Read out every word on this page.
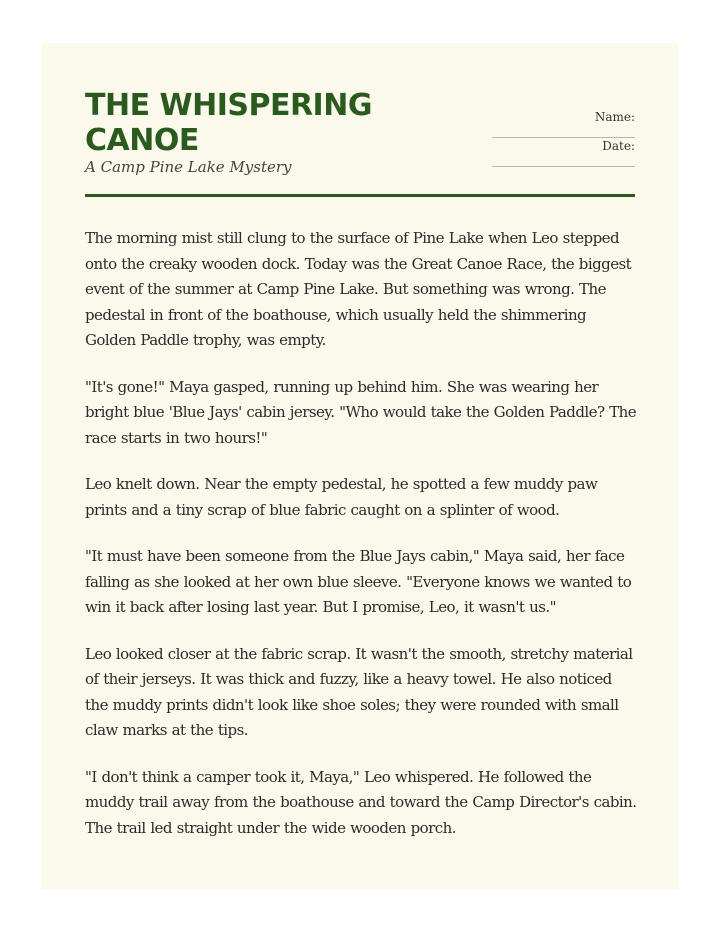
THE WHISPERING CANOE
A Camp Pine Lake Mystery
Name:
____________________________
Date:
____________________________

The morning mist still clung to the surface of Pine Lake when Leo stepped onto the creaky wooden dock. Today was the Great Canoe Race, the biggest event of the summer at Camp Pine Lake. But something was wrong. The pedestal in front of the boathouse, which usually held the shimmering Golden Paddle trophy, was empty.

"It's gone!" Maya gasped, running up behind him. She was wearing her bright blue 'Blue Jays' cabin jersey. "Who would take the Golden Paddle? The race starts in two hours!"

Leo knelt down. Near the empty pedestal, he spotted a few muddy paw prints and a tiny scrap of blue fabric caught on a splinter of wood.

"It must have been someone from the Blue Jays cabin," Maya said, her face falling as she looked at her own blue sleeve. "Everyone knows we wanted to win it back after losing last year. But I promise, Leo, it wasn't us."

Leo looked closer at the fabric scrap. It wasn't the smooth, stretchy material of their jerseys. It was thick and fuzzy, like a heavy towel. He also noticed the muddy prints didn't look like shoe soles; they were rounded with small claw marks at the tips.

"I don't think a camper took it, Maya," Leo whispered. He followed the muddy trail away from the boathouse and toward the Camp Director's cabin. The trail led straight under the wide wooden porch.
